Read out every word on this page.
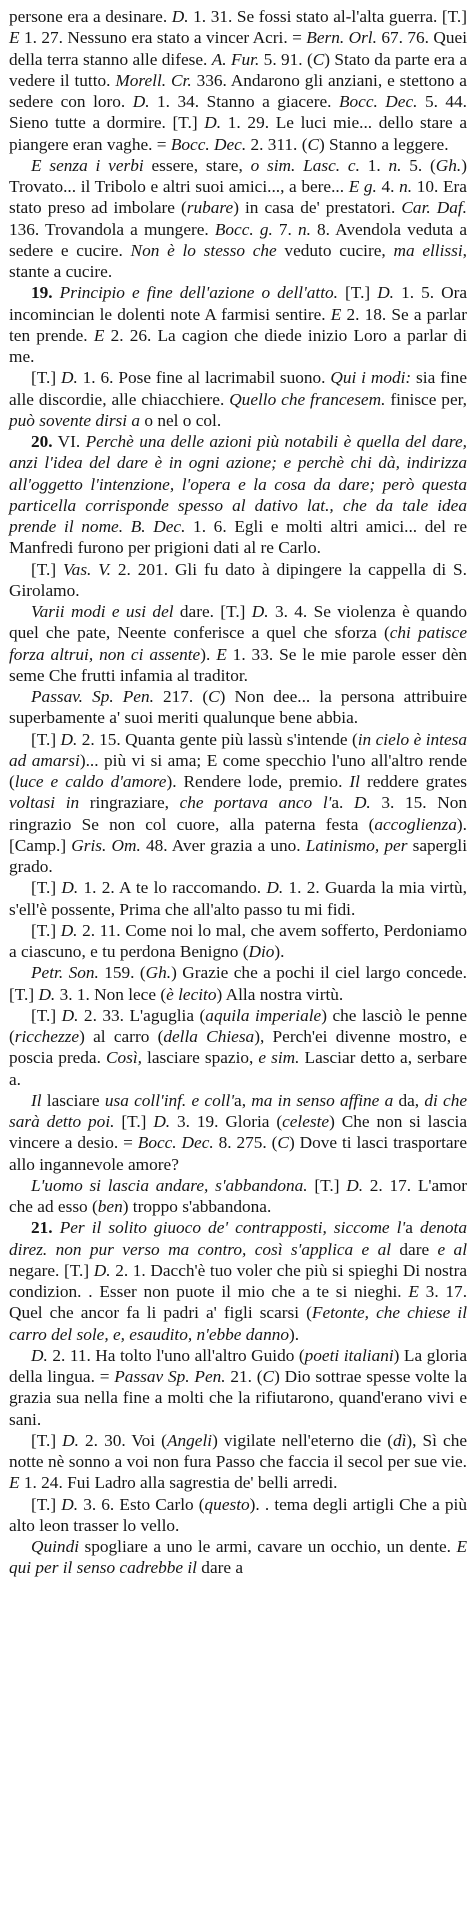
persone era a desinare. D. 1. 31. Se fossi stato al-l'alta guerra. [T.] E 1. 27. Nessuno era stato a vincer Acri. = Bern. Orl. 67. 76. Quei della terra stanno alle difese. A. Fur. 5. 91. (C) Stato da parte era a vedere il tutto. Morell. Cr. 336. Andarono gli anziani, e stettono a sedere con loro. D. 1. 34. Stanno a giacere. Bocc. Dec. 5. 44. Sieno tutte a dormire. [T.] D. 1. 29. Le luci mie... dello stare a piangere eran vaghe. = Bocc. Dec. 2. 311. (C) Stanno a leggere.

E senza i verbi essere, stare, o sim. Lasc. c. 1. n. 5. (Gh.) Trovato... il Tribolo e altri suoi amici..., a bere... E g. 4. n. 10. Era stato preso ad imbolare (rubare) in casa de' prestatori. Car. Daf. 136. Trovandola a mungere. Bocc. g. 7. n. 8. Avendola veduta a sedere e cucire. Non è lo stesso che veduto cucire, ma ellissi, stante a cucire.

19. Principio e fine dell'azione o dell'atto. [T.] D. 1. 5. Ora incomincian le dolenti note A farmisi sentire. E 2. 18. Se a parlar ten prende. E 2. 26. La cagion che diede inizio Loro a parlar di me.

[T.] D. 1. 6. Pose fine al lacrimabil suono. Qui i modi: sia fine alle discordie, alle chiacchiere. Quello che francesem. finisce per, può sovente dirsi a o nel o col.

20. VI. Perchè una delle azioni più notabili è quella del dare, anzi l'idea del dare è in ogni azione; e perchè chi dà, indirizza all'oggetto l'intenzione, l'opera e la cosa da dare; però questa particella corrisponde spesso al dativo lat., che da tale idea prende il nome. B. Dec. 1. 6. Egli e molti altri amici... del re Manfredi furono per prigioni dati al re Carlo.

[T.] Vas. V. 2. 201. Gli fu dato à dipingere la cappella di S. Girolamo.

Varii modi e usi del dare. [T.] D. 3. 4. Se violenza è quando quel che pate, Neente conferisce a quel che sforza (chi patisce forza altrui, non ci assente). E 1. 33. Se le mie parole esser dèn seme Che frutti infamia al traditor.

Passav. Sp. Pen. 217. (C) Non dee... la persona attribuire superbamente a' suoi meriti qualunque bene abbia.

[T.] D. 2. 15. Quanta gente più lassù s'intende (in cielo è intesa ad amarsi)... più vi si ama; E come specchio l'uno all'altro rende (luce e caldo d'amore). Rendere lode, premio. Il reddere grates voltasi in ringraziare, che portava anco l'a. D. 3. 15. Non ringrazio Se non col cuore, alla paterna festa (accoglienza). [Camp.] Gris. Om. 48. Aver grazia a uno. Latinismo, per sapergli grado.

[T.] D. 1. 2. A te lo raccomando. D. 1. 2. Guarda la mia virtù, s'ell'è possente, Prima che all'alto passo tu mi fidi.

[T.] D. 2. 11. Come noi lo mal, che avem sofferto, Perdoniamo a ciascuno, e tu perdona Benigno (Dio).

Petr. Son. 159. (Gh.) Grazie che a pochi il ciel largo concede. [T.] D. 3. 1. Non lece (è lecito) Alla nostra virtù.

[T.] D. 2. 33. L'aguglia (aquila imperiale) che lasciò le penne (ricchezze) al carro (della Chiesa), Perch'ei divenne mostro, e poscia preda. Così, lasciare spazio, e sim. Lasciar detto a, serbare a.

Il lasciare usa coll'inf. e coll'a, ma in senso affine a da, di che sarà detto poi. [T.] D. 3. 19. Gloria (celeste) Che non si lascia vincere a desio. = Bocc. Dec. 8. 275. (C) Dove ti lasci trasportare allo ingannevole amore?

L'uomo si lascia andare, s'abbandona. [T.] D. 2. 17. L'amor che ad esso (ben) troppo s'abbandona.

21. Per il solito giuoco de' contrapposti, siccome l'a denota direz. non pur verso ma contro, così s'applica e al dare e al negare. [T.] D. 2. 1. Dacch'è tuo voler che più si spieghi Di nostra condizion. . Esser non puote il mio che a te si nieghi. E 3. 17. Quel che ancor fa li padri a' figli scarsi (Fetonte, che chiese il carro del sole, e, esaudito, n'ebbe danno).

D. 2. 11. Ha tolto l'uno all'altro Guido (poeti italiani) La gloria della lingua. = Passav Sp. Pen. 21. (C) Dio sottrae spesse volte la grazia sua nella fine a molti che la rifiutarono, quand'erano vivi e sani.

[T.] D. 2. 30. Voi (Angeli) vigilate nell'eterno die (dì), Sì che notte nè sonno a voi non fura Passo che faccia il secol per sue vie. E 1. 24. Fui Ladro alla sagrestia de' belli arredi.

[T.] D. 3. 6. Esto Carlo (questo). . tema degli artigli Che a più alto leon trasser lo vello.

Quindi spogliare a uno le armi, cavare un occhio, un dente. E qui per il senso cadrebbe il dare a
